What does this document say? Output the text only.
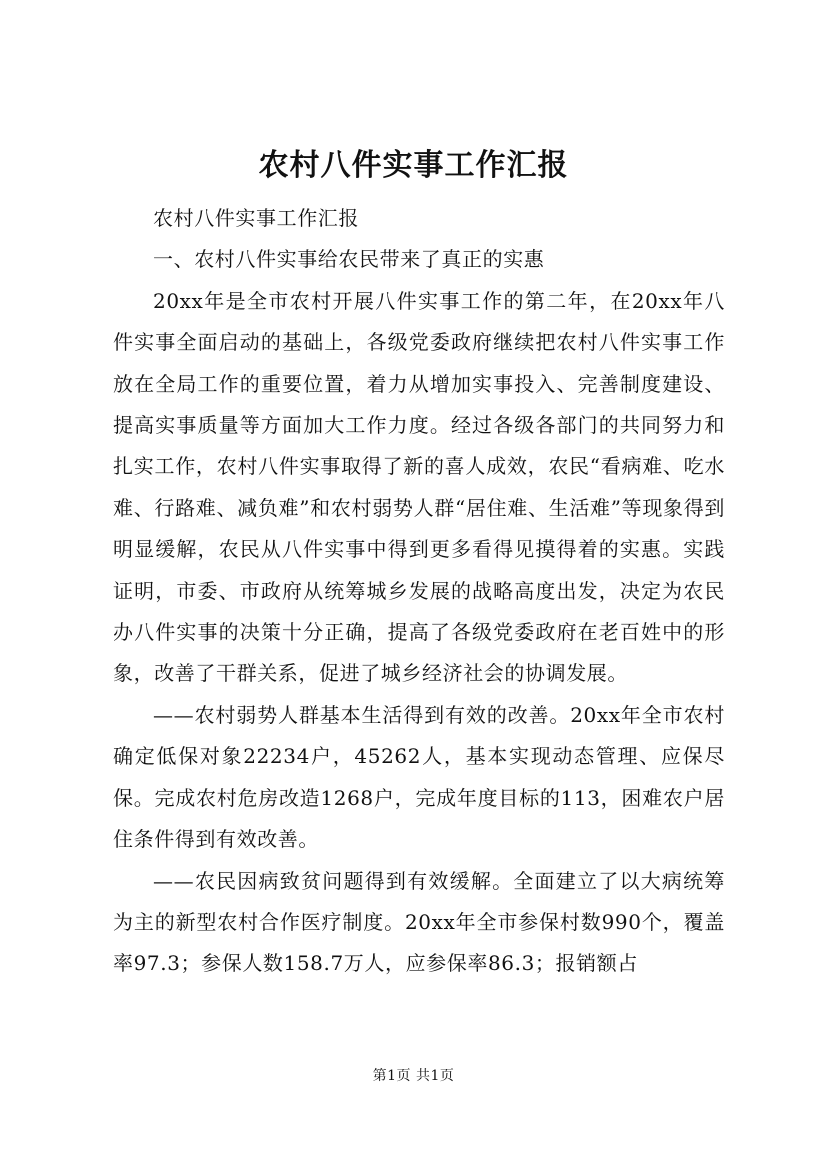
农村八件实事工作汇报

农村八件实事工作汇报

一、农村八件实事给农民带来了真正的实惠

20xx年是全市农村开展八件实事工作的第二年，在20xx年八件实事全面启动的基础上，各级党委政府继续把农村八件实事工作放在全局工作的重要位置，着力从增加实事投入、完善制度建设、提高实事质量等方面加大工作力度。经过各级各部门的共同努力和扎实工作，农村八件实事取得了新的喜人成效，农民“看病难、吃水难、行路难、减负难”和农村弱势人群“居住难、生活难”等现象得到明显缓解，农民从八件实事中得到更多看得见摸得着的实惠。实践证明，市委、市政府从统筹城乡发展的战略高度出发，决定为农民办八件实事的决策十分正确，提高了各级党委政府在老百姓中的形象，改善了干群关系，促进了城乡经济社会的协调发展。

——农村弱势人群基本生活得到有效的改善。20xx年全市农村确定低保对象22234户，45262人，基本实现动态管理、应保尽保。完成农村危房改造1268户，完成年度目标的113，困难农户居住条件得到有效改善。

——农民因病致贫问题得到有效缓解。全面建立了以大病统筹为主的新型农村合作医疗制度。20xx年全市参保村数990个，覆盖率97.3；参保人数158.7万人，应参保率86.3；报销额占

第1页 共1页
